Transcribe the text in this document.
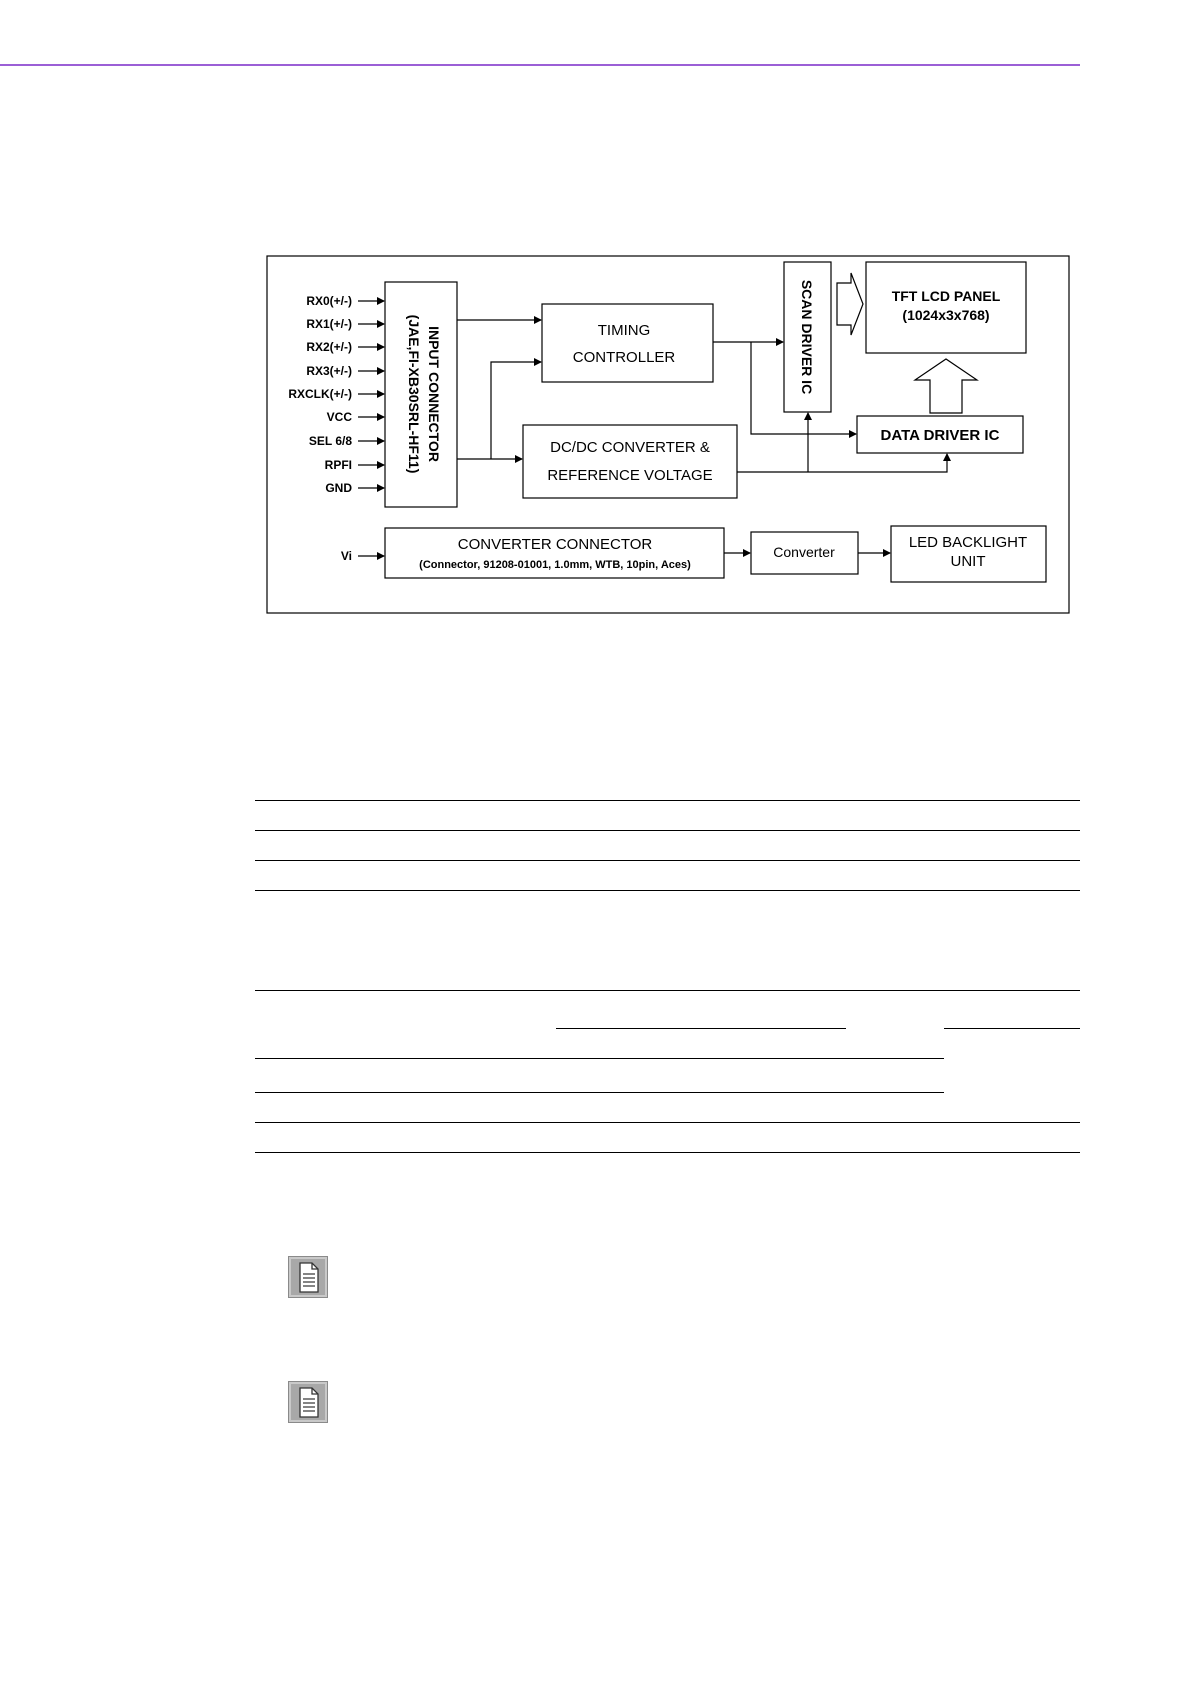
RX0(+/-)
RX1(+/-)
RX2(+/-)
RX3(+/-)
RXCLK(+/-)
VCC
SEL 6/8
RPFI
GND
Vi
INPUT CONNECTOR
(JAE,FI-XB30SRL-HF11)	TIMING
CONTROLLER
DC/DC CONVERTER &
REFERENCE VOLTAGE
SCAN DRIVER IC	TFT LCD PANEL
(1024x3x768)
DATA DRIVER IC
CONVERTER CONNECTOR
(Connector, 91208-01001, 1.0mm, WTB, 10pin, Aces)
Converter
LED BACKLIGHT
UNIT
